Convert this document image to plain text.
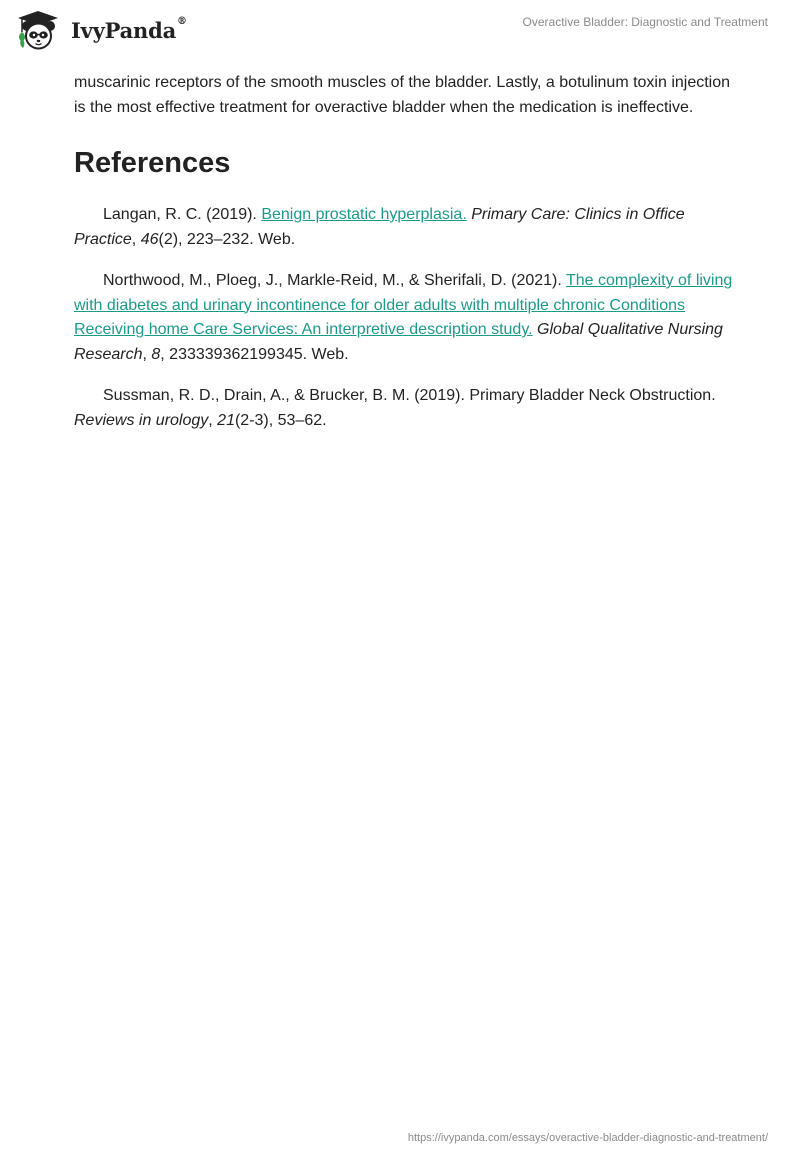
IvyPanda®	Overactive Bladder: Diagnostic and Treatment

muscarinic receptors of the smooth muscles of the bladder. Lastly, a botulinum toxin injection is the most effective treatment for overactive bladder when the medication is ineffective.

References

Langan, R. C. (2019). Benign prostatic hyperplasia. Primary Care: Clinics in Office Practice, 46(2), 223–232. Web.

Northwood, M., Ploeg, J., Markle-Reid, M., & Sherifali, D. (2021). The complexity of living with diabetes and urinary incontinence for older adults with multiple chronic Conditions Receiving home Care Services: An interpretive description study. Global Qualitative Nursing Research, 8, 233339362199345. Web.

Sussman, R. D., Drain, A., & Brucker, B. M. (2019). Primary Bladder Neck Obstruction. Reviews in urology, 21(2-3), 53–62.

https://ivypanda.com/essays/overactive-bladder-diagnostic-and-treatment/
